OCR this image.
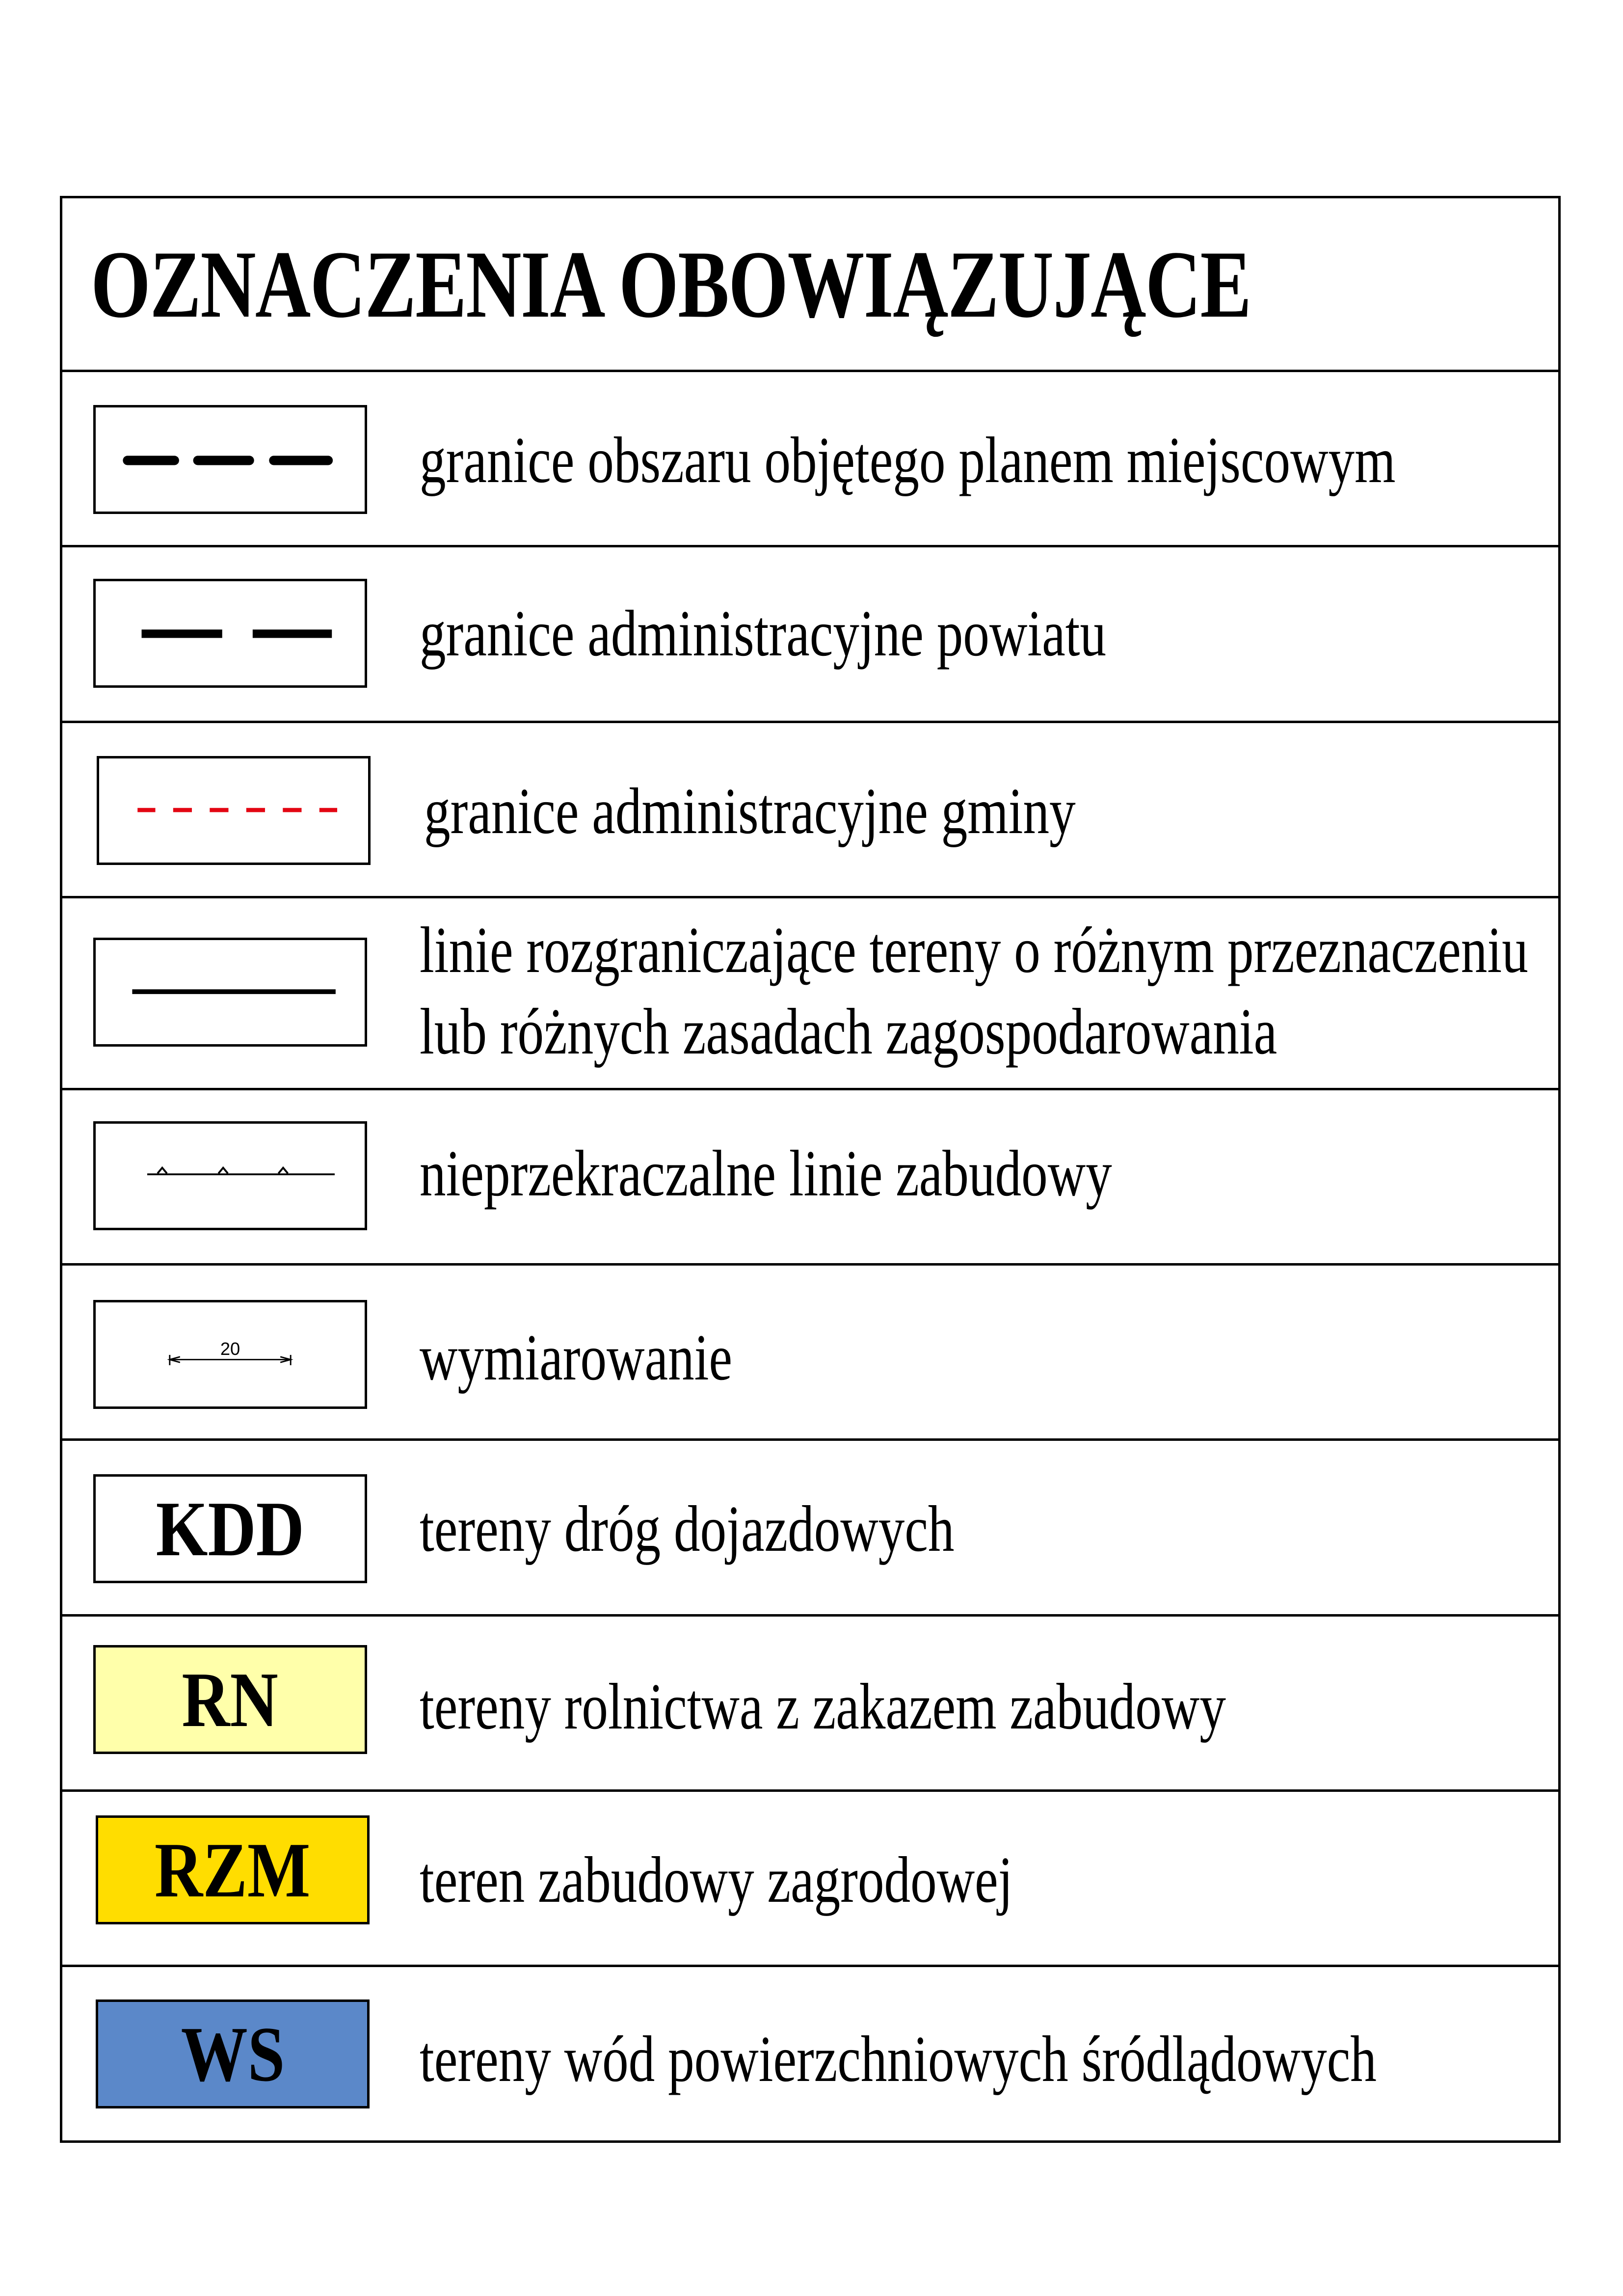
OZNACZENIA OBOWIĄZUJĄCE
granice obszaru objętego planem miejscowym
granice administracyjne powiatu
granice administracyjne gminy
linie rozgraniczające tereny o różnym przeznaczeniu
lub różnych zasadach zagospodarowania
nieprzekraczalne linie zabudowy
20	wymiarowanie
KDD tereny dróg dojazdowych
RN tereny rolnictwa z zakazem zabudowy
RZM teren zabudowy zagrodowej
WS tereny wód powierzchniowych śródlądowych
